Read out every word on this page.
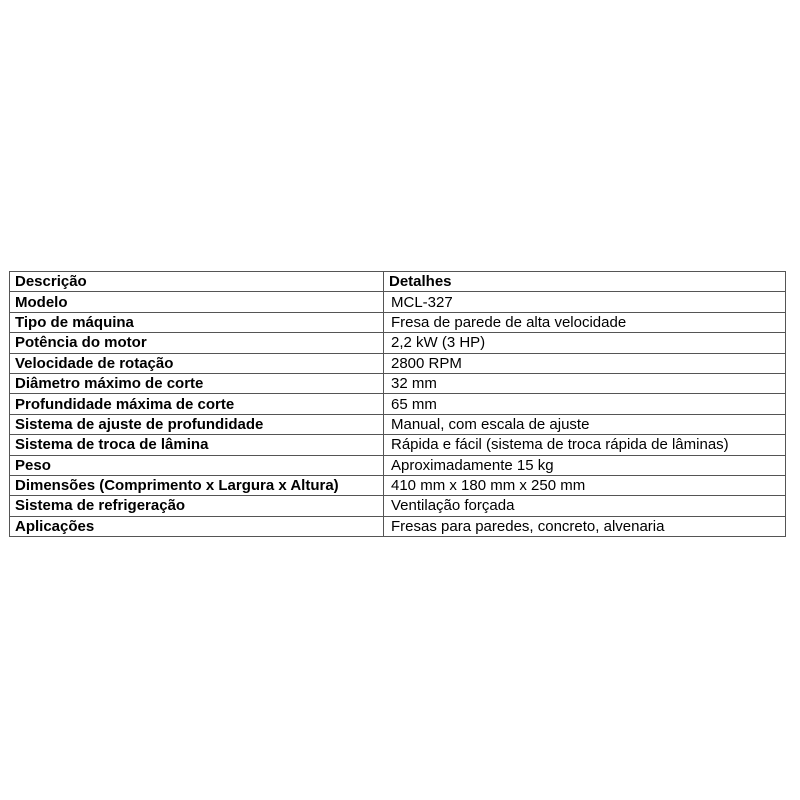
Descrição	Detalhes
Modelo	MCL-327
Tipo de máquina	Fresa de parede de alta velocidade
Potência do motor	2,2 kW (3 HP)
Velocidade de rotação	2800 RPM
Diâmetro máximo de corte	32 mm
Profundidade máxima de corte	65 mm
Sistema de ajuste de profundidade	Manual, com escala de ajuste
Sistema de troca de lâmina	Rápida e fácil (sistema de troca rápida de lâminas)
Peso	Aproximadamente 15 kg
Dimensões (Comprimento x Largura x Altura)	410 mm x 180 mm x 250 mm
Sistema de refrigeração	Ventilação forçada
Aplicações	Fresas para paredes, concreto, alvenaria
